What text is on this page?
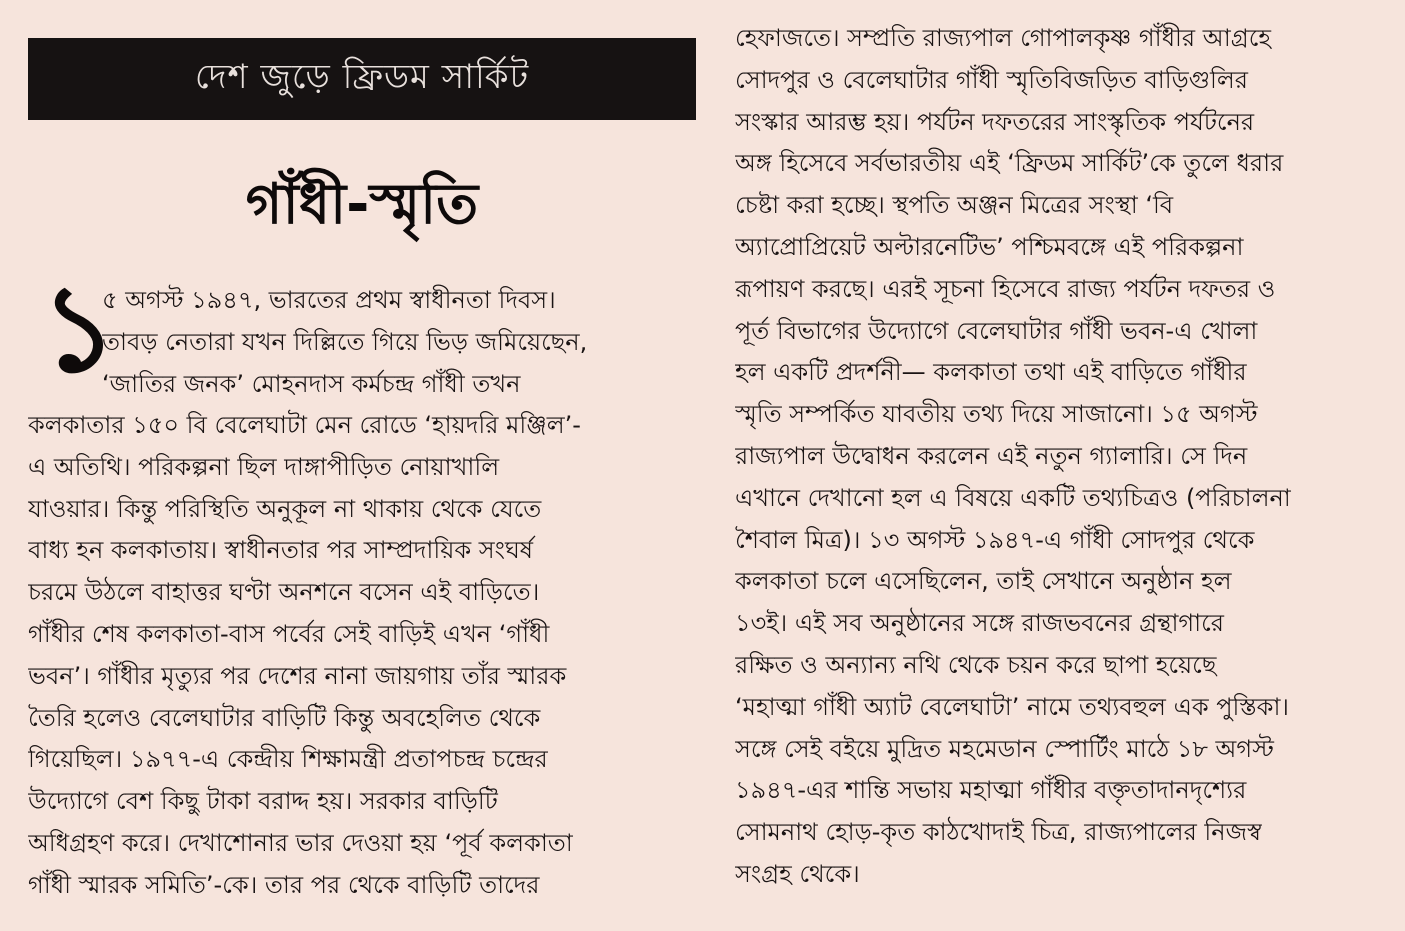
দেশ জুড়ে ফ্রিডম সার্কিট
গাঁধী-স্মৃতি
১
৫ অগস্ট ১৯৪৭, ভারতের প্রথম স্বাধীনতা দিবস।
তাবড় নেতারা যখন দিল্লিতে গিয়ে ভিড় জমিয়েছেন,
‘জাতির জনক’ মোহনদাস কর্মচন্দ্র গাঁধী তখন
কলকাতার ১৫০ বি বেলেঘাটা মেন রোডে ‘হায়দরি মঞ্জিল’-
এ অতিথি। পরিকল্পনা ছিল দাঙ্গাপীড়িত নোয়াখালি
যাওয়ার। কিন্তু পরিস্থিতি অনুকূল না থাকায় থেকে যেতে
বাধ্য হন কলকাতায়। স্বাধীনতার পর সাম্প্রদায়িক সংঘর্ষ
চরমে উঠলে বাহাত্তর ঘণ্টা অনশনে বসেন এই বাড়িতে।
গাঁধীর শেষ কলকাতা-বাস পর্বের সেই বাড়িই এখন ‘গাঁধী
ভবন’। গাঁধীর মৃত্যুর পর দেশের নানা জায়গায় তাঁর স্মারক
তৈরি হলেও বেলেঘাটার বাড়িটি কিন্তু অবহেলিত থেকে
গিয়েছিল। ১৯৭৭-এ কেন্দ্রীয় শিক্ষামন্ত্রী প্রতাপচন্দ্র চন্দ্রের
উদ্যোগে বেশ কিছু টাকা বরাদ্দ হয়। সরকার বাড়িটি
অধিগ্রহণ করে। দেখাশোনার ভার দেওয়া হয় ‘পূর্ব কলকাতা
গাঁধী স্মারক সমিতি’-কে। তার পর থেকে বাড়িটি তাদের
হেফাজতে। সম্প্রতি রাজ্যপাল গোপালকৃষ্ণ গাঁধীর আগ্রহে
সোদপুর ও বেলেঘাটার গাঁধী স্মৃতিবিজড়িত বাড়িগুলির
সংস্কার আরম্ভ হয়। পর্যটন দফতরের সাংস্কৃতিক পর্যটনের
অঙ্গ হিসেবে সর্বভারতীয় এই ‘ফ্রিডম সার্কিট’কে তুলে ধরার
চেষ্টা করা হচ্ছে। স্থপতি অঞ্জন মিত্রের সংস্থা ‘বি
অ্যাপ্রোপ্রিয়েট অল্টারনেটিভ’ পশ্চিমবঙ্গে এই পরিকল্পনা
রূপায়ণ করছে। এরই সূচনা হিসেবে রাজ্য পর্যটন দফতর ও
পূর্ত বিভাগের উদ্যোগে বেলেঘাটার গাঁধী ভবন-এ খোলা
হল একটি প্রদর্শনী— কলকাতা তথা এই বাড়িতে গাঁধীর
স্মৃতি সম্পর্কিত যাবতীয় তথ্য দিয়ে সাজানো। ১৫ অগস্ট
রাজ্যপাল উদ্বোধন করলেন এই নতুন গ্যালারি। সে দিন
এখানে দেখানো হল এ বিষয়ে একটি তথ্যচিত্রও (পরিচালনা
শৈবাল মিত্র)। ১৩ অগস্ট ১৯৪৭-এ গাঁধী সোদপুর থেকে
কলকাতা চলে এসেছিলেন, তাই সেখানে অনুষ্ঠান হল
১৩ই। এই সব অনুষ্ঠানের সঙ্গে রাজভবনের গ্রন্থাগারে
রক্ষিত ও অন্যান্য নথি থেকে চয়ন করে ছাপা হয়েছে
‘মহাত্মা গাঁধী অ্যাট বেলেঘাটা’ নামে তথ্যবহুল এক পুস্তিকা।
সঙ্গে সেই বইয়ে মুদ্রিত মহমেডান স্পোর্টিং মাঠে ১৮ অগস্ট
১৯৪৭-এর শান্তি সভায় মহাত্মা গাঁধীর বক্তৃতাদানদৃশ্যের
সোমনাথ হোড়-কৃত কাঠখোদাই চিত্র, রাজ্যপালের নিজস্ব
সংগ্রহ থেকে।
